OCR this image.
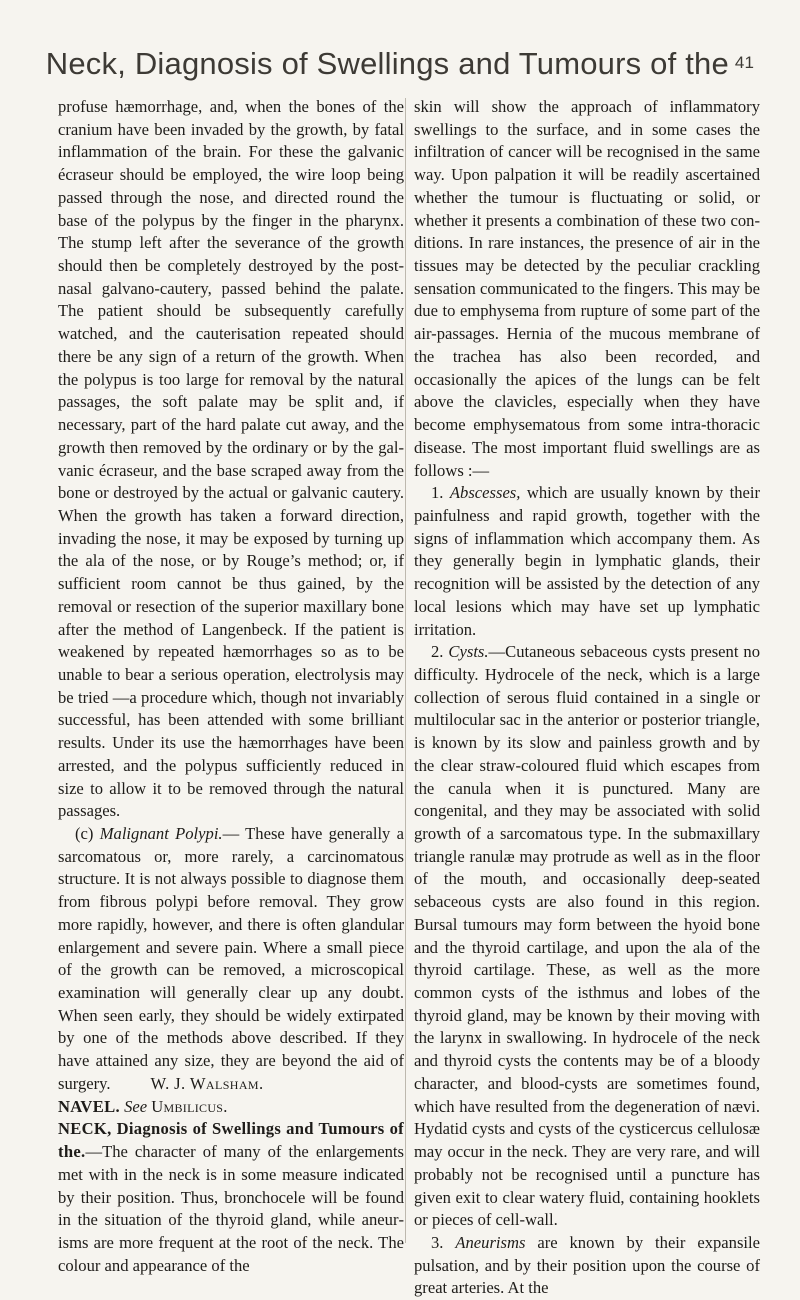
Neck, Diagnosis of Swellings and Tumours of the 41

profuse hæmorrhage, and, when the bones of the cranium have been invaded by the growth, by fatal inflammation of the brain. For these the galvanic écraseur should be employed, the wire loop being passed through the nose, and directed round the base of the polypus by the finger in the pharynx. The stump left after the severance of the growth should then be completely destroyed by the post-nasal galvano-cautery, passed behind the palate. The patient should be subsequently carefully watched, and the cauterisation repeated should there be any sign of a return of the growth. When the polypus is too large for removal by the natural passages, the soft palate may be split and, if necessary, part of the hard palate cut away, and the growth then removed by the ordinary or by the galvanic écraseur, and the base scraped away from the bone or destroyed by the actual or galvanic cautery. When the growth has taken a forward direction, invading the nose, it may be exposed by turning up the ala of the nose, or by Rouge’s method; or, if sufficient room cannot be thus gained, by the removal or resection of the superior maxillary bone after the method of Langenbeck. If the patient is weakened by repeated hæmorrhages so as to be unable to bear a serious operation, electrolysis may be tried —a procedure which, though not invariably successful, has been attended with some brilliant results. Under its use the hæmorrhages have been arrested, and the polypus sufficiently reduced in size to allow it to be removed through the natural passages.

(c) Malignant Polypi.— These have generally a sarcomatous or, more rarely, a carcinomatous structure. It is not always possible to diagnose them from fibrous polypi before removal. They grow more rapidly, however, and there is often glandular enlargement and severe pain. Where a small piece of the growth can be removed, a microscopical examination will generally clear up any doubt. When seen early, they should be widely extirpated by one of the methods above described. If they have attained any size, they are beyond the aid of surgery. W. J. Walsham.

NAVEL. See Umbilicus.

NECK, Diagnosis of Swellings and Tumours of the.—The character of many of the enlargements met with in the neck is in some measure indicated by their position. Thus, bronchocele will be found in the situation of the thyroid gland, while aneurisms are more frequent at the root of the neck. The colour and appearance of the

skin will show the approach of inflammatory swellings to the surface, and in some cases the infiltration of cancer will be recognised in the same way. Upon palpation it will be readily ascertained whether the tumour is fluctuating or solid, or whether it presents a combination of these two conditions. In rare instances, the presence of air in the tissues may be detected by the peculiar crackling sensation communicated to the fingers. This may be due to emphysema from rupture of some part of the air-passages. Hernia of the mucous membrane of the trachea has also been recorded, and occasionally the apices of the lungs can be felt above the clavicles, especially when they have become emphysematous from some intra-thoracic disease. The most important fluid swellings are as follows :—

1. Abscesses, which are usually known by their painfulness and rapid growth, together with the signs of inflammation which accompany them. As they generally begin in lymphatic glands, their recognition will be assisted by the detection of any local lesions which may have set up lymphatic irritation.

2. Cysts.—Cutaneous sebaceous cysts present no difficulty. Hydrocele of the neck, which is a large collection of serous fluid contained in a single or multilocular sac in the anterior or posterior triangle, is known by its slow and painless growth and by the clear straw-coloured fluid which escapes from the canula when it is punctured. Many are congenital, and they may be associated with solid growth of a sarcomatous type. In the submaxillary triangle ranulæ may protrude as well as in the floor of the mouth, and occasionally deep-seated sebaceous cysts are also found in this region. Bursal tumours may form between the hyoid bone and the thyroid cartilage, and upon the ala of the thyroid cartilage. These, as well as the more common cysts of the isthmus and lobes of the thyroid gland, may be known by their moving with the larynx in swallowing. In hydrocele of the neck and thyroid cysts the contents may be of a bloody character, and blood-cysts are sometimes found, which have resulted from the degeneration of nævi. Hydatid cysts and cysts of the cysticercus cellulosæ may occur in the neck. They are very rare, and will probably not be recognised until a puncture has given exit to clear watery fluid, containing hooklets or pieces of cell-wall.

3. Aneurisms are known by their expansile pulsation, and by their position upon the course of great arteries. At the
